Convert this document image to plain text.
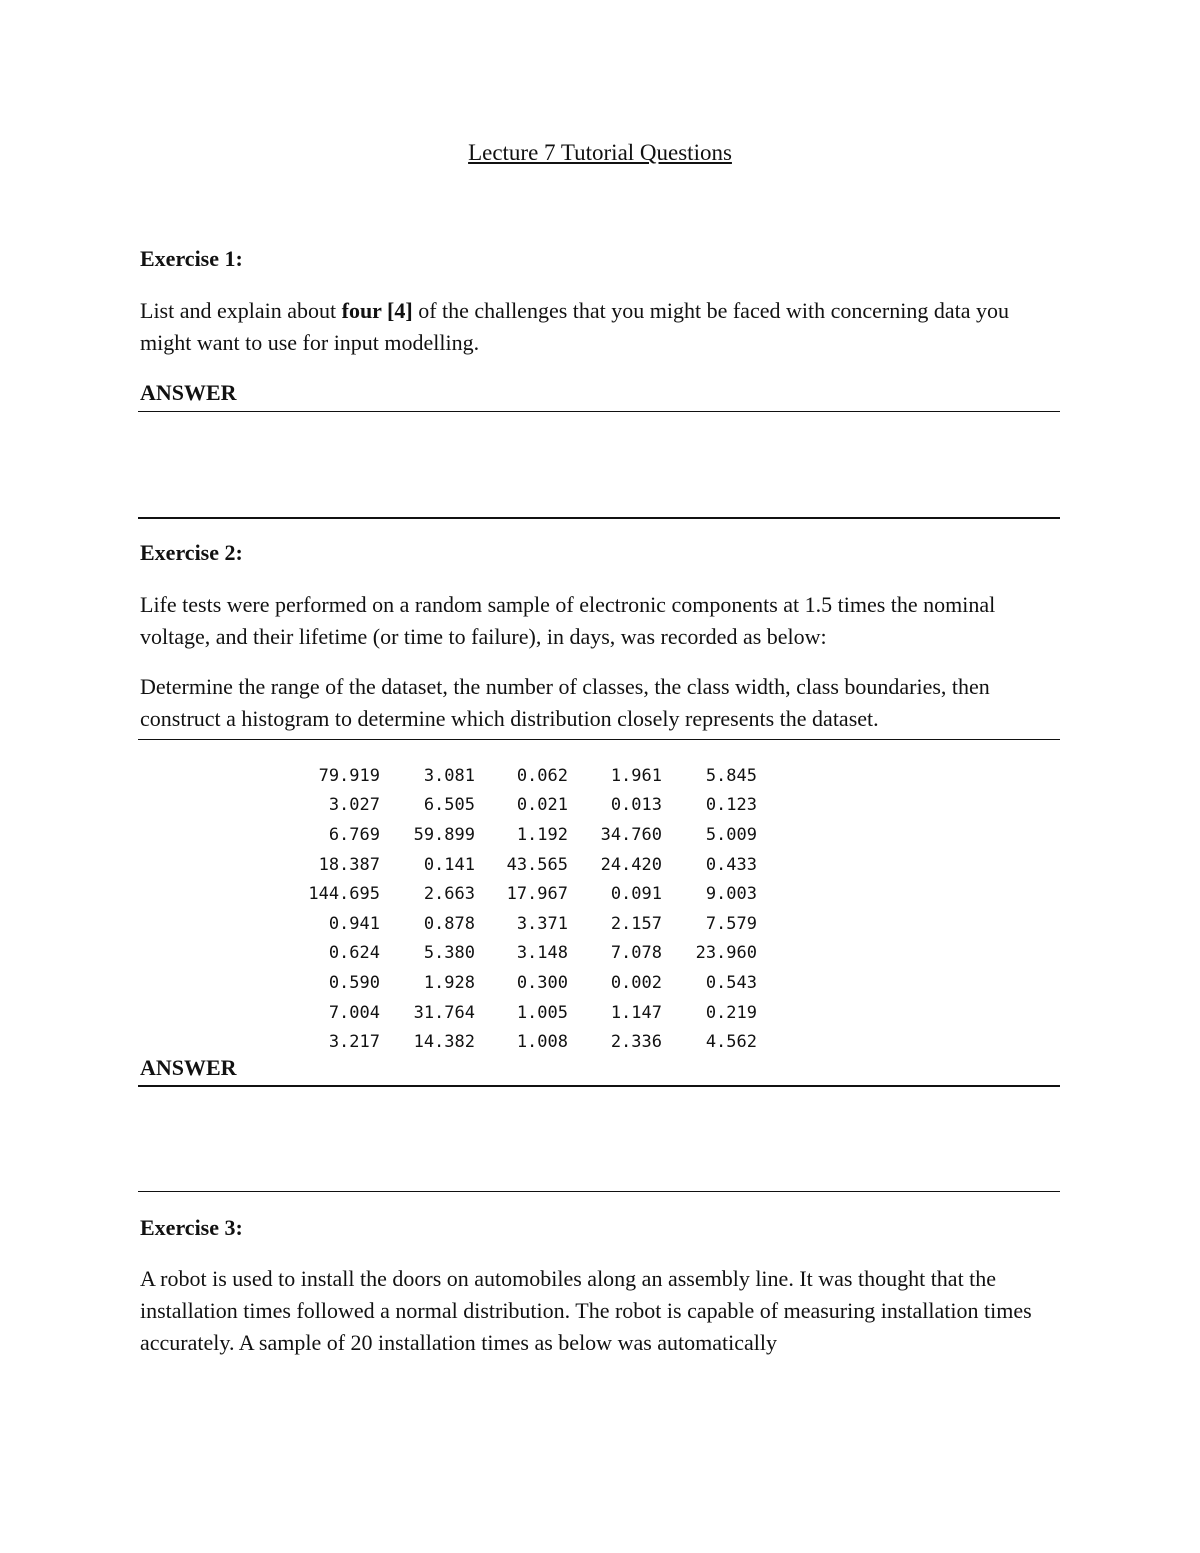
Lecture 7 Tutorial Questions
Exercise 1:
List and explain about four [4] of the challenges that you might be faced with concerning data you might want to use for input modelling.
ANSWER
Exercise 2:
Life tests were performed on a random sample of electronic components at 1.5 times the nominal voltage, and their lifetime (or time to failure), in days, was recorded as below:
Determine the range of the dataset, the number of classes, the class width, class boundaries, then construct a histogram to determine which distribution closely represents the dataset.
79.919	3.081	0.062	1.961	5.845
3.027	6.505	0.021	0.013	0.123
6.769	59.899	1.192	34.760	5.009
18.387	0.141	43.565	24.420	0.433
144.695	2.663	17.967	0.091	9.003
0.941	0.878	3.371	2.157	7.579
0.624	5.380	3.148	7.078	23.960
0.590	1.928	0.300	0.002	0.543
7.004	31.764	1.005	1.147	0.219
3.217	14.382	1.008	2.336	4.562
ANSWER
Exercise 3:
A robot is used to install the doors on automobiles along an assembly line. It was thought that the installation times followed a normal distribution. The robot is capable of measuring installation times accurately. A sample of 20 installation times as below was automatically
